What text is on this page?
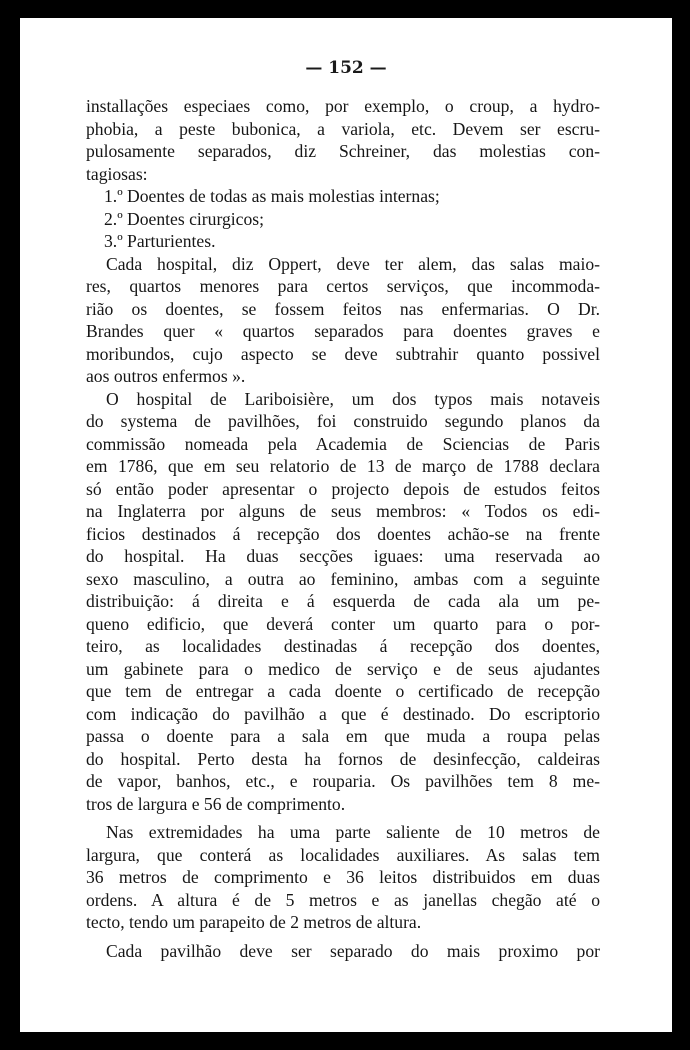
— 152 —
installações especiaes como, por exemplo, o croup, a hydro-
phobia, a peste bubonica, a variola, etc. Devem ser escru-
pulosamente separados, diz Schreiner, das molestias con-
tagiosas:
1.º Doentes de todas as mais molestias internas;
2.º Doentes cirurgicos;
3.º Parturientes.
Cada hospital, diz Oppert, deve ter alem, das salas maio-
res, quartos menores para certos serviços, que incommoda-
rião os doentes, se fossem feitos nas enfermarias. O Dr.
Brandes quer « quartos separados para doentes graves e
moribundos, cujo aspecto se deve subtrahir quanto possivel
aos outros enfermos ».
O hospital de Lariboisière, um dos typos mais notaveis
do systema de pavilhões, foi construido segundo planos da
commissão nomeada pela Academia de Sciencias de Paris
em 1786, que em seu relatorio de 13 de março de 1788 declara
só então poder apresentar o projecto depois de estudos feitos
na Inglaterra por alguns de seus membros: « Todos os edi-
ficios destinados á recepção dos doentes achão-se na frente
do hospital. Ha duas secções iguaes: uma reservada ao
sexo masculino, a outra ao feminino, ambas com a seguinte
distribuição: á direita e á esquerda de cada ala um pe-
queno edificio, que deverá conter um quarto para o por-
teiro, as localidades destinadas á recepção dos doentes,
um gabinete para o medico de serviço e de seus ajudantes
que tem de entregar a cada doente o certificado de recepção
com indicação do pavilhão a que é destinado. Do escriptorio
passa o doente para a sala em que muda a roupa pelas
do hospital. Perto desta ha fornos de desinfecção, caldeiras
de vapor, banhos, etc., e rouparia. Os pavilhões tem 8 me-
tros de largura e 56 de comprimento.
Nas extremidades ha uma parte saliente de 10 metros de
largura, que conterá as localidades auxiliares. As salas tem
36 metros de comprimento e 36 leitos distribuidos em duas
ordens. A altura é de 5 metros e as janellas chegão até o
tecto, tendo um parapeito de 2 metros de altura.
Cada pavilhão deve ser separado do mais proximo por
